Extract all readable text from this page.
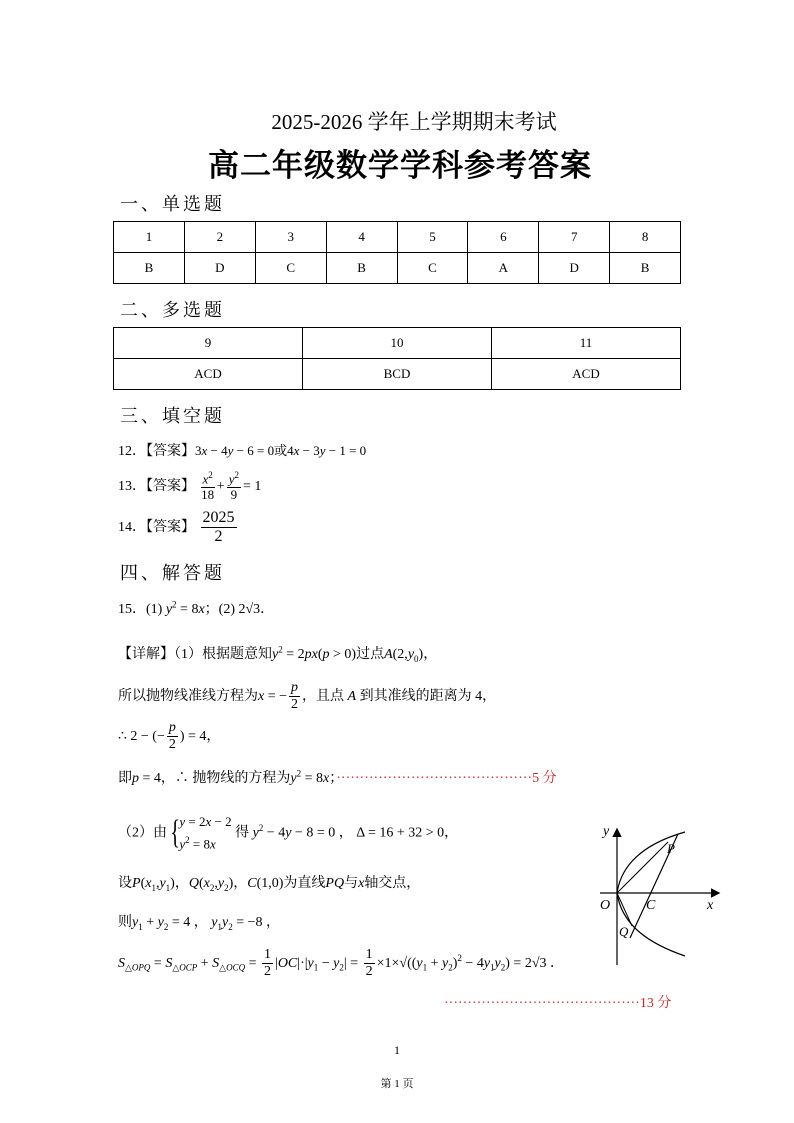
2025-2026 学年上学期期末考试
高二年级数学学科参考答案
一、单选题
1	2	3	4	5	6	7	8
B	D	C	B	C	A	D	B
二、多选题
9	10	11
ACD	BCD	ACD
三、填空题
12．【答案】3x − 4y − 6 = 0或4x − 3y − 1 = 0
13．【答案】 $\frac{x^2}{18} + \frac{y^2}{9} = 1$
14．【答案】 $\frac{2025}{2}$
四、解答题
15．(1) $y^2 = 8x$；(2) 2√3．
【详解】（1）根据题意知$y^2 = 2px(p > 0)$过点$A(2,y_0)$，
所以抛物线准线方程为x = − $\frac{p}{2}$ ，且点 A 到其准线的距离为 4，
∴ 2 − (− $\frac{p}{2}$ ) = 4，
即p = 4，∴ 抛物线的方程为$y^2 = 8x$；··········································5 分
（2）由{y = 2x − 2
$y^2 = 8x$ 得 $y^2 - 4y - 8 = 0$ ， Δ = 16 + 32 > 0，
设$P(x_1,y_1)$，$Q(x_2,y_2)$，C(1,0)为直线PQ与x轴交点，
则$y_1 + y_2 = 4$ ， $y_1y_2 = -8$ ，
$S_{\triangle OPQ} = S_{\triangle OCP} + S_{\triangle OCQ} = \frac{1}{2} |OC|\cdot|y_1 - y_2| = \frac{1}{2} \times 1\times√((y_1 + y_2)^2 - 4y_1y_2) = 2√3$ ．
··········································13 分
y
P
O	C	x
Q
1
第 1 页
